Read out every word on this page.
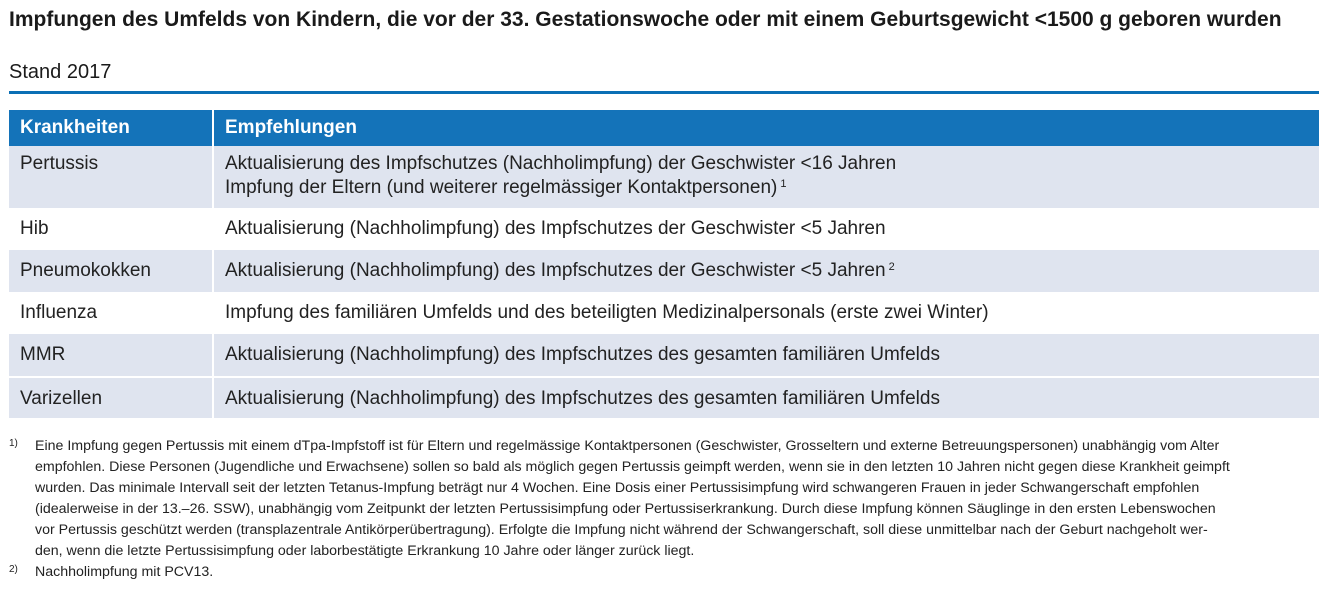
Impfungen des Umfelds von Kindern, die vor der 33. Gestationswoche oder mit einem Geburtsgewicht <1500 g geboren wurden
Stand 2017
Krankheiten	Empfehlungen
Pertussis	Aktualisierung des Impfschutzes (Nachholimpfung) der Geschwister <16 Jahren
Impfung der Eltern (und weiterer regelmässiger Kontaktpersonen) $^1$

Hib	Aktualisierung (Nachholimpfung) des Impfschutzes der Geschwister <5 Jahren
Pneumokokken	Aktualisierung (Nachholimpfung) des Impfschutzes der Geschwister <5 Jahren $^2$
Influenza	Impfung des familiären Umfelds und des beteiligten Medizinalpersonals (erste zwei Winter)
MMR	Aktualisierung (Nachholimpfung) des Impfschutzes des gesamten familiären Umfelds
Varizellen	Aktualisierung (Nachholimpfung) des Impfschutzes des gesamten familiären Umfelds
1) Eine Impfung gegen Pertussis mit einem dTpa-Impfstoff ist für Eltern und regelmässige Kontaktpersonen (Geschwister, Grosseltern und externe Betreuungspersonen) unabhängig vom Alter
empfohlen. Diese Personen (Jugendliche und Erwachsene) sollen so bald als möglich gegen Pertussis geimpft werden, wenn sie in den letzten 10 Jahren nicht gegen diese Krankheit geimpft
wurden. Das minimale Intervall seit der letzten Tetanus-Impfung beträgt nur 4 Wochen. Eine Dosis einer Pertussisimpfung wird schwangeren Frauen in jeder Schwangerschaft empfohlen
(idealerweise in der 13.–26. SSW), unabhängig vom Zeitpunkt der letzten Pertussisimpfung oder Pertussiserkrankung. Durch diese Impfung können Säuglinge in den ersten Lebenswochen
vor Pertussis geschützt werden (transplazentrale Antikörperübertragung). Erfolgte die Impfung nicht während der Schwangerschaft, soll diese unmittelbar nach der Geburt nachgeholt wer-
den, wenn die letzte Pertussisimpfung oder laborbestätigte Erkrankung 10 Jahre oder länger zurück liegt.
2) Nachholimpfung mit PCV13.
